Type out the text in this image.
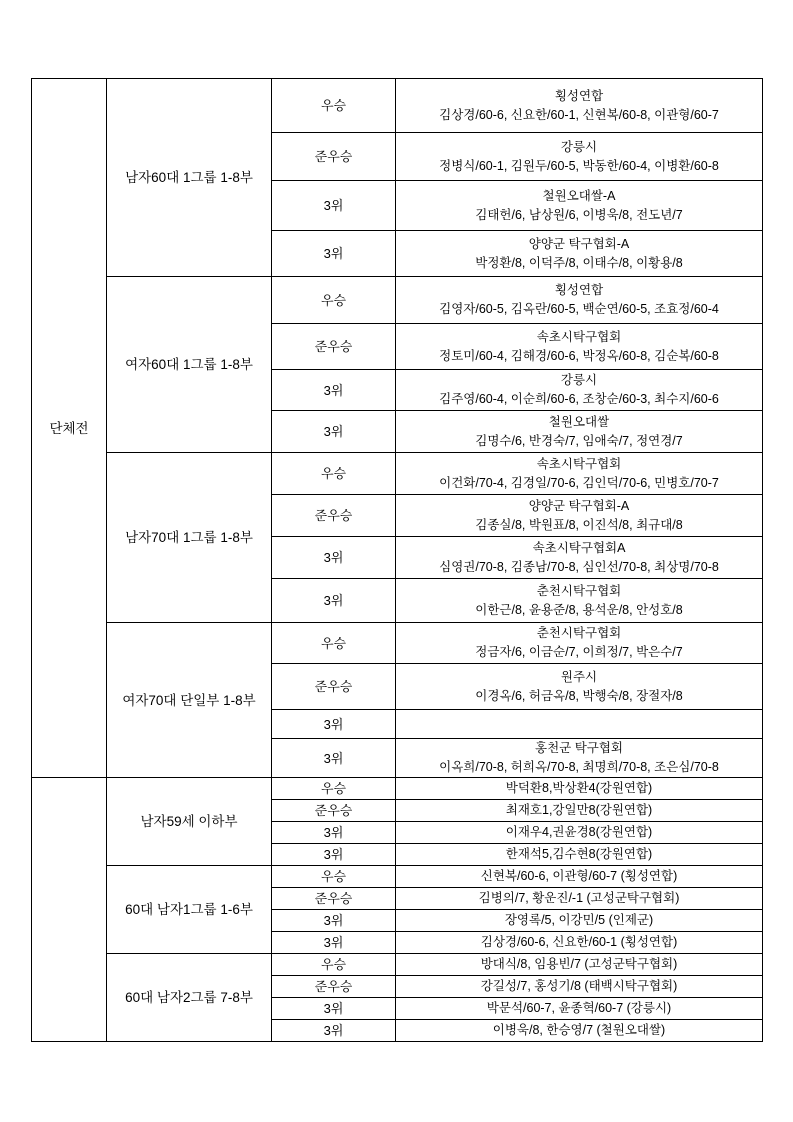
단체전	남자60대 1그룹 1-8부	우승	횡성연합
김상경/60-6, 신요한/60-1, 신현복/60-8, 이관형/60-7

		준우승	강릉시
정병식/60-1, 김원두/60-5, 박동한/60-4, 이병환/60-8

		3위	철원오대쌀-A
김태헌/6, 남상원/6, 이병욱/8, 전도년/7

		3위	양양군 탁구협회-A
박정환/8, 이덕주/8, 이태수/8, 이황용/8

	여자60대 1그룹 1-8부	우승	횡성연합
김영자/60-5, 김옥란/60-5, 백순연/60-5, 조효정/60-4

		준우승	속초시탁구협회
정토미/60-4, 김해경/60-6, 박정옥/60-8, 김순복/60-8

		3위	강릉시
김주영/60-4, 이순희/60-6, 조창순/60-3, 최수지/60-6

		3위	철원오대쌀
김명수/6, 반경숙/7, 임애숙/7, 정연경/7

	남자70대 1그룹 1-8부	우승	속초시탁구협회
이건화/70-4, 김경일/70-6, 김인덕/70-6, 민병호/70-7

		준우승	양양군 탁구협회-A
김종실/8, 박원표/8, 이진석/8, 최규대/8

		3위	속초시탁구협회A
심영권/70-8, 김종남/70-8, 심인선/70-8, 최상명/70-8

		3위	춘천시탁구협회
이한근/8, 윤용준/8, 용석운/8, 안성호/8

	여자70대 단일부 1-8부	우승	춘천시탁구협회
정금자/6, 이금순/7, 이희정/7, 박은수/7

		준우승	원주시
이경옥/6, 허금옥/8, 박행숙/8, 장절자/8

		3위	

		3위	홍천군 탁구협회
이옥희/70-8, 허희옥/70-8, 최명희/70-8, 조은심/70-8

	남자59세 이하부	우승	박덕환8,박상환4(강원연합)
		준우승	최재호1,강일만8(강원연합)
		3위	이재우4,권윤경8(강원연합)
		3위	한재석5,김수현8(강원연합)
	60대 남자1그룹 1-6부	우승	신현복/60-6, 이관형/60-7 (횡성연합)
		준우승	김병의/7, 황운진/-1 (고성군탁구협회)
		3위	장영록/5, 이강민/5 (인제군)
		3위	김상경/60-6, 신요한/60-1 (횡성연합)
	60대 남자2그룹 7-8부	우승	방대식/8, 임용빈/7 (고성군탁구협회)
		준우승	강길성/7, 홍성기/8 (태백시탁구협회)
		3위	박문석/60-7, 윤종혁/60-7 (강릉시)
		3위	이병욱/8, 한승영/7 (철원오대쌀)
